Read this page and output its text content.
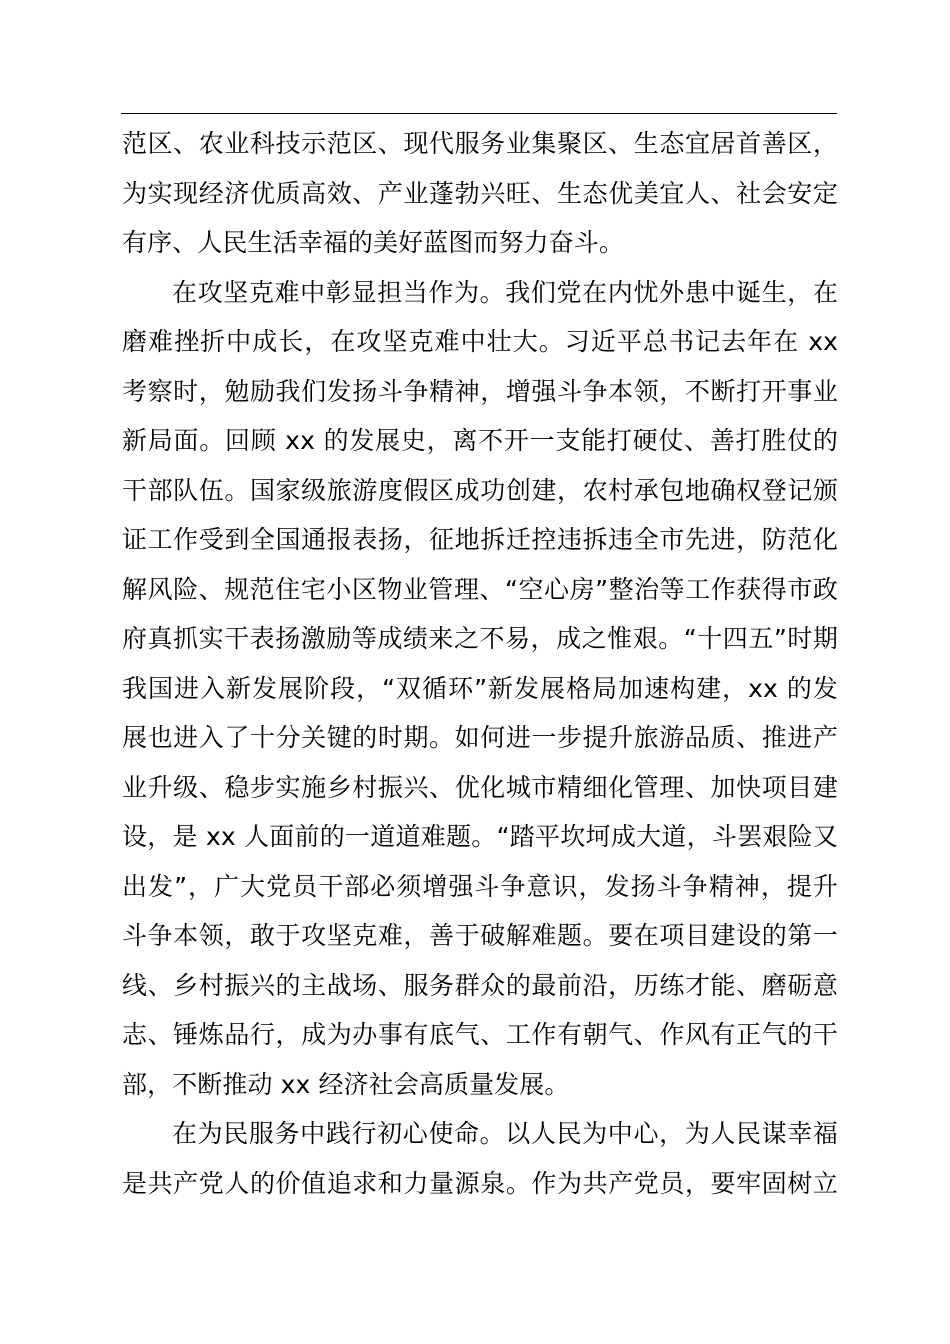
范区、农业科技示范区、现代服务业集聚区、生态宜居首善区，
为实现经济优质高效、产业蓬勃兴旺、生态优美宜人、社会安定
有序、人民生活幸福的美好蓝图而努力奋斗。
在攻坚克难中彰显担当作为。我们党在内忧外患中诞生，在
磨难挫折中成长，在攻坚克难中壮大。习近平总书记去年在 xx
考察时，勉励我们发扬斗争精神，增强斗争本领，不断打开事业
新局面。回顾 xx 的发展史，离不开一支能打硬仗、善打胜仗的
干部队伍。国家级旅游度假区成功创建，农村承包地确权登记颁
证工作受到全国通报表扬，征地拆迁控违拆违全市先进，防范化
解风险、规范住宅小区物业管理、“空心房”整治等工作获得市政
府真抓实干表扬激励等成绩来之不易，成之惟艰。“十四五”时期
我国进入新发展阶段，“双循环”新发展格局加速构建，xx 的发
展也进入了十分关键的时期。如何进一步提升旅游品质、推进产
业升级、稳步实施乡村振兴、优化城市精细化管理、加快项目建
设，是 xx 人面前的一道道难题。“踏平坎坷成大道，斗罢艰险又
出发”，广大党员干部必须增强斗争意识，发扬斗争精神，提升
斗争本领，敢于攻坚克难，善于破解难题。要在项目建设的第一
线、乡村振兴的主战场、服务群众的最前沿，历练才能、磨砺意
志、锤炼品行，成为办事有底气、工作有朝气、作风有正气的干
部，不断推动 xx 经济社会高质量发展。
在为民服务中践行初心使命。以人民为中心，为人民谋幸福
是共产党人的价值追求和力量源泉。作为共产党员，要牢固树立
